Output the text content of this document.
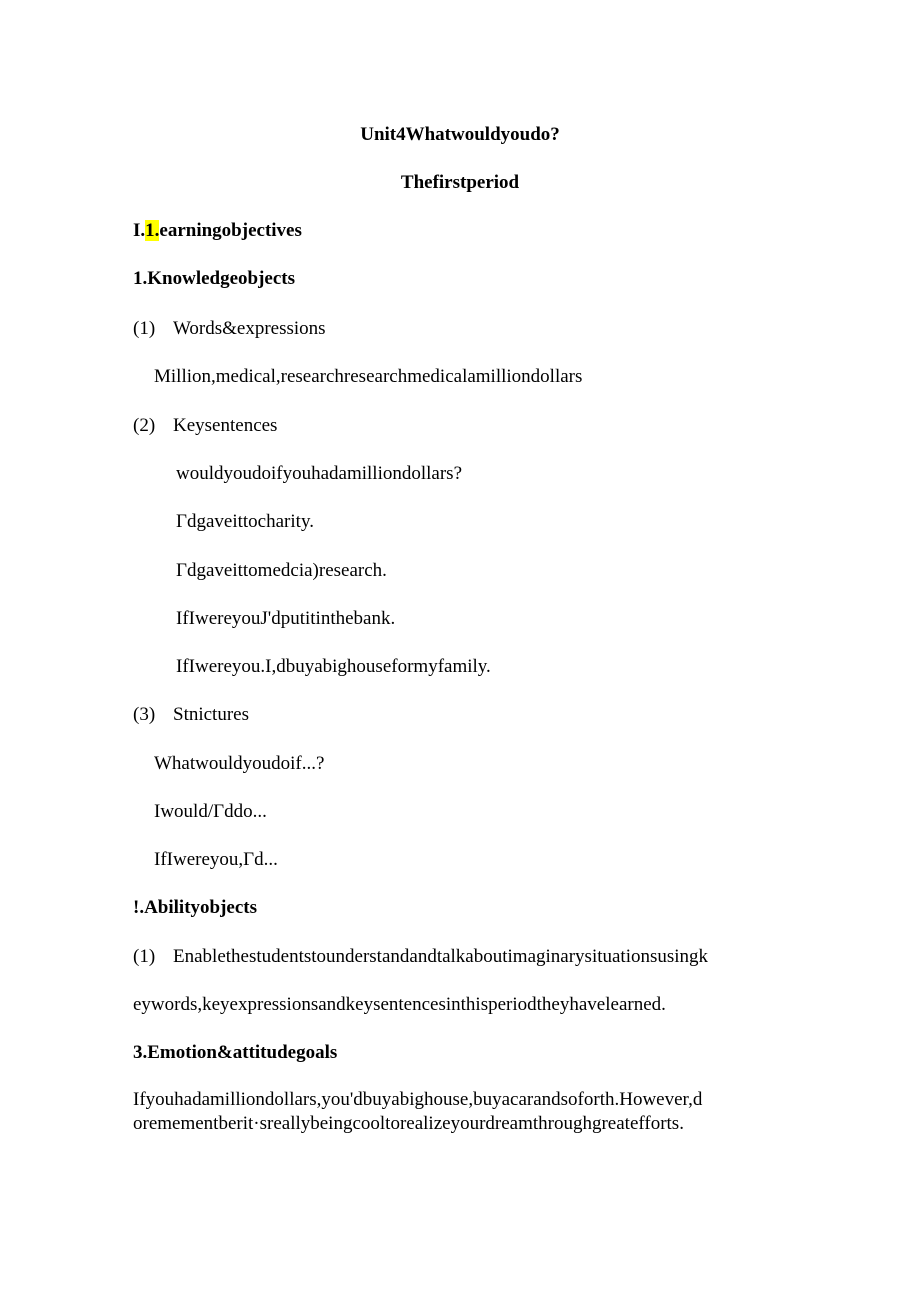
Unit4Whatwouldyoudo?
Thefirstperiod
I.1.earningobjectives
1.Knowledgeobjects
(1) Words&expressions
Million,medical,researchresearchmedicalamilliondollars
(2) Keysentences
wouldyoudoifyouhadamilliondollars?
Γdgaveittocharity.
Γdgaveittomedcia)research.
IfIwereyouJ'dputitinthebank.
IfIwereyou.I,dbuyabighouseformyfamily.
(3) Stnictures
Whatwouldyoudoif...?
Iwould/Γddo...
IfIwereyou,Γd...
!.Abilityobjects
(1) Enablethestudentstounderstandandtalkaboutimaginarysituationsusingk
eywords,keyexpressionsandkeysentencesinthisperiodtheyhavelearned.
3.Emotion&attitudegoals
Ifyouhadamilliondollars,you'dbuyabighouse,buyacarandsoforth.However,d
oremementberit·sreallybeingcooltorealizeyourdreamthroughgreatefforts.
